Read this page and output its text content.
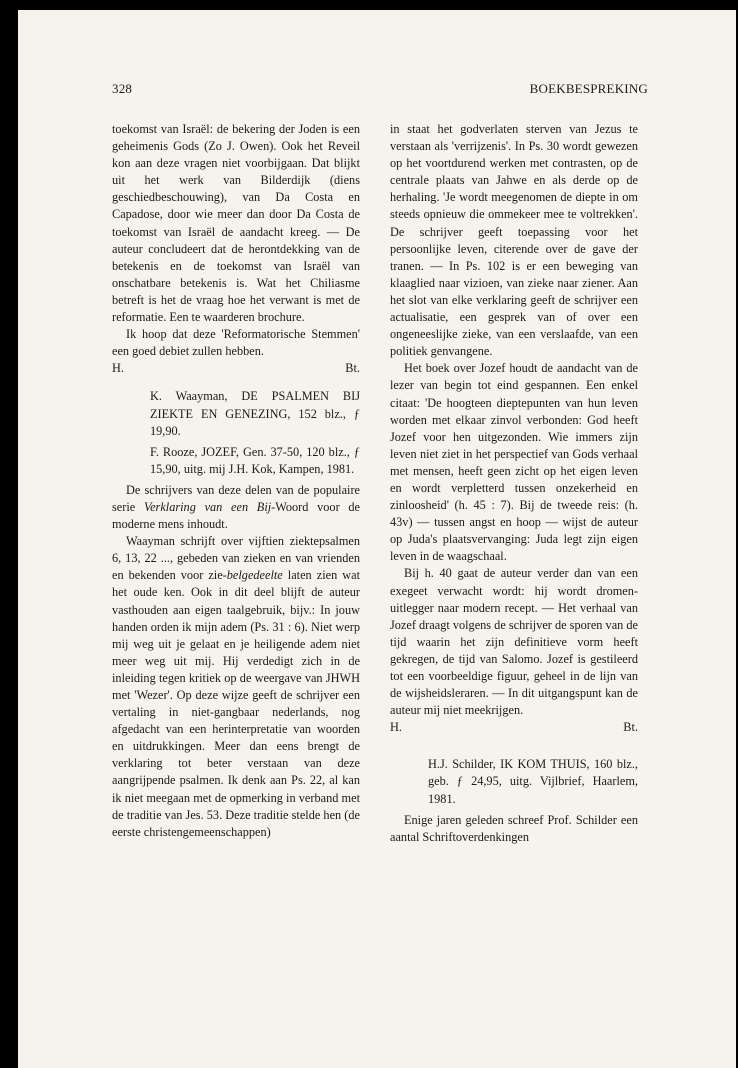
328	BOEKBESPREKING

toekomst van Israël: de bekering der Joden is een geheimenis Gods (Zo J. Owen). Ook het Reveil kon aan deze vragen niet voorbijgaan. Dat blijkt uit het werk van Bilderdijk (diens geschiedbeschouwing), van Da Costa en Capadose, door wie meer dan door Da Costa de toekomst van Israël de aandacht kreeg. — De auteur concludeert dat de herontdekking van de betekenis en de toekomst van Israël van onschatbare betekenis is. Wat het Chiliasme betreft is het de vraag hoe het verwant is met de reformatie. Een te waarderen brochure.

Ik hoop dat deze 'Reformatorische Stemmen' een goed debiet zullen hebben.

H.	Bt.

K. Waayman, DE PSALMEN BIJ ZIEKTE EN GENEZING, 152 blz., ƒ 19,90.

F. Rooze, JOZEF, Gen. 37-50, 120 blz., ƒ 15,90, uitg. mij J.H. Kok, Kampen, 1981.

De schrijvers van deze delen van de populaire serie Verklaring van een Bij-Woord voor de moderne mens inhoudt.

Waayman schrijft over vijftien ziektepsalmen 6, 13, 22 ..., gebeden van zieken en van vrienden en bekenden voor zie-belgedeelte laten zien wat het oude ken. Ook in dit deel blijft de auteur vasthouden aan eigen taalgebruik, bijv.: In jouw handen orden ik mijn adem (Ps. 31 : 6). Niet werp mij weg uit je gelaat en je heiligende adem niet meer weg uit mij. Hij verdedigt zich in de inleiding tegen kritiek op de weergave van JHWH met 'Wezer'. Op deze wijze geeft de schrijver een vertaling in niet-gangbaar nederlands, nog afgedacht van een herinterpretatie van woorden en uitdrukkingen. Meer dan eens brengt de verklaring tot beter verstaan van deze aangrijpende psalmen. Ik denk aan Ps. 22, al kan ik niet meegaan met de opmerking in verband met de traditie van Jes. 53. Deze traditie stelde hen (de eerste christengemeenschappen)

in staat het godverlaten sterven van Jezus te verstaan als 'verrijzenis'. In Ps. 30 wordt gewezen op het voortdurend werken met contrasten, op de centrale plaats van Jahwe en als derde op de herhaling. 'Je wordt meegenomen de diepte in om steeds opnieuw die ommekeer mee te voltrekken'. De schrijver geeft toepassing voor het persoonlijke leven, citerende over de gave der tranen. — In Ps. 102 is er een beweging van klaaglied naar vizioen, van zieke naar ziener. Aan het slot van elke verklaring geeft de schrijver een actualisatie, een gesprek van of over een ongeneeslijke zieke, van een verslaafde, van een politiek genvangene.

Het boek over Jozef houdt de aandacht van de lezer van begin tot eind gespannen. Een enkel citaat: 'De hoogteen dieptepunten van hun leven worden met elkaar zinvol verbonden: God heeft Jozef voor hen uitgezonden. Wie immers zijn leven niet ziet in het perspectief van Gods verhaal met mensen, heeft geen zicht op het eigen leven en wordt verpletterd tussen onzekerheid en zinloosheid' (h. 45 : 7). Bij de tweede reis: (h. 43v) — tussen angst en hoop — wijst de auteur op Juda's plaatsvervanging: Juda legt zijn eigen leven in de waagschaal.

Bij h. 40 gaat de auteur verder dan van een exegeet verwacht wordt: hij wordt dromen-uitlegger naar modern recept. — Het verhaal van Jozef draagt volgens de schrijver de sporen van de tijd waarin het zijn definitieve vorm heeft gekregen, de tijd van Salomo. Jozef is gestileerd tot een voorbeeldige figuur, geheel in de lijn van de wijsheidsleraren. — In dit uitgangspunt kan de auteur mij niet meekrijgen.

H.	Bt.

H.J. Schilder, IK KOM THUIS, 160 blz., geb. ƒ 24,95, uitg. Vijlbrief, Haarlem, 1981.

Enige jaren geleden schreef Prof. Schilder een aantal Schriftoverdenkingen
